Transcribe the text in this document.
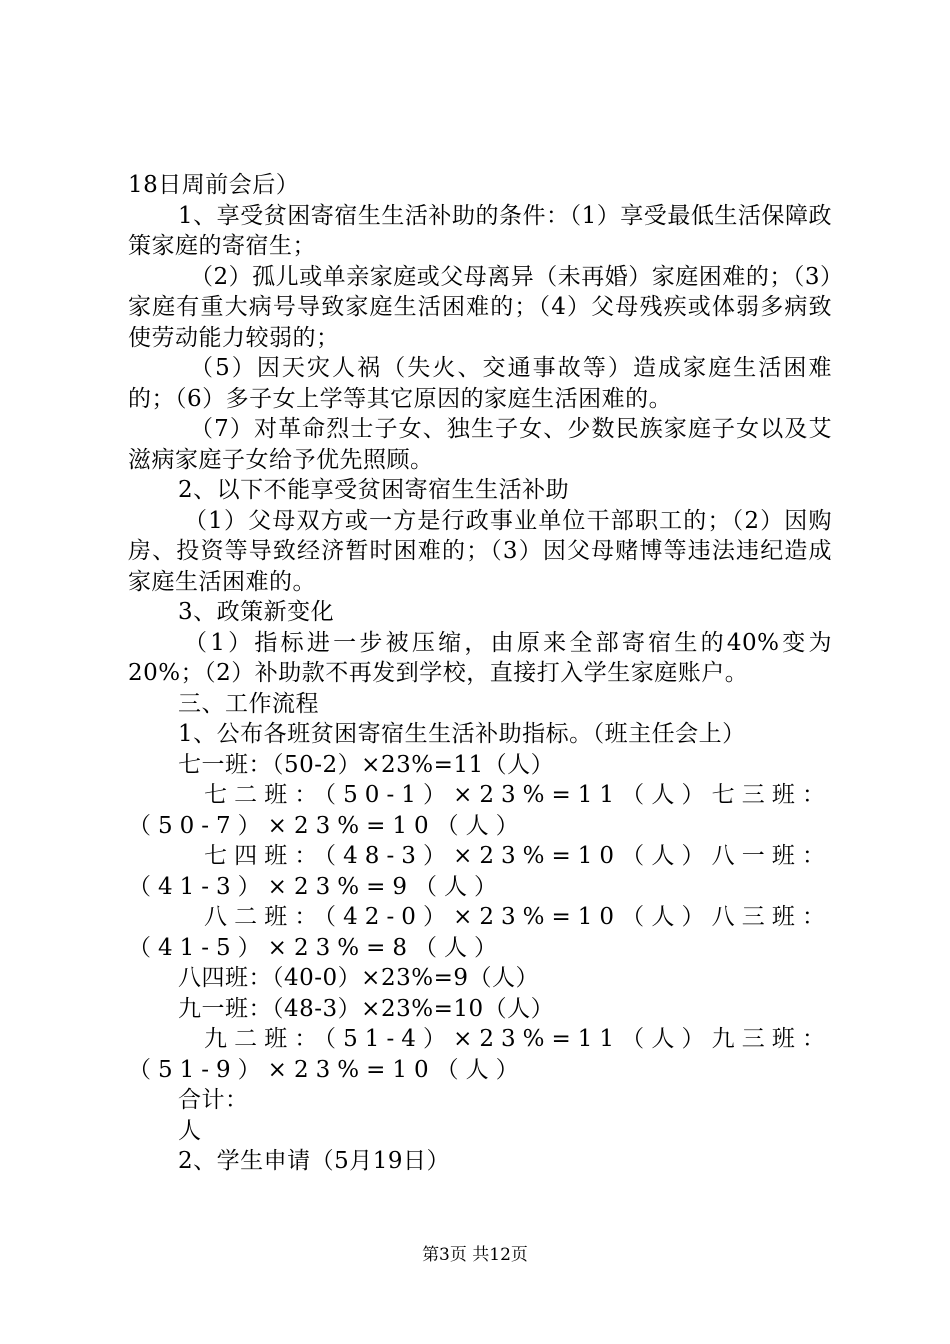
18日周前会后）

1、享受贫困寄宿生生活补助的条件：（1）享受最低生活保障政策家庭的寄宿生；

（2）孤儿或单亲家庭或父母离异（未再婚）家庭困难的；（3）家庭有重大病号导致家庭生活困难的；（4）父母残疾或体弱多病致使劳动能力较弱的；

（5）因天灾人祸（失火、交通事故等）造成家庭生活困难的；（6）多子女上学等其它原因的家庭生活困难的。

（7）对革命烈士子女、独生子女、少数民族家庭子女以及艾滋病家庭子女给予优先照顾。

2、以下不能享受贫困寄宿生生活补助

（1）父母双方或一方是行政事业单位干部职工的；（2）因购房、投资等导致经济暂时困难的；（3）因父母赌博等违法违纪造成家庭生活困难的。

3、政策新变化

（1）指标进一步被压缩，由原来全部寄宿生的40%变为20%；（2）补助款不再发到学校，直接打入学生家庭账户。

三、工作流程

1、公布各班贫困寄宿生生活补助指标。（班主任会上）

七一班：（50-2）×23%=11（人）

七二班：（50-1）×23%=11（人）七三班：（50-7）×23%=10（人）

七四班：（48-3）×23%=10（人）八一班：（41-3）×23%=9（人）

八二班：（42-0）×23%=10（人）八三班：（41-5）×23%=8（人）

八四班：（40-0）×23%=9（人）

九一班：（48-3）×23%=10（人）

九二班：（51-4）×23%=11（人）九三班：（51-9）×23%=10（人）

合计：

人

2、学生申请（5月19日）

第3页 共12页
